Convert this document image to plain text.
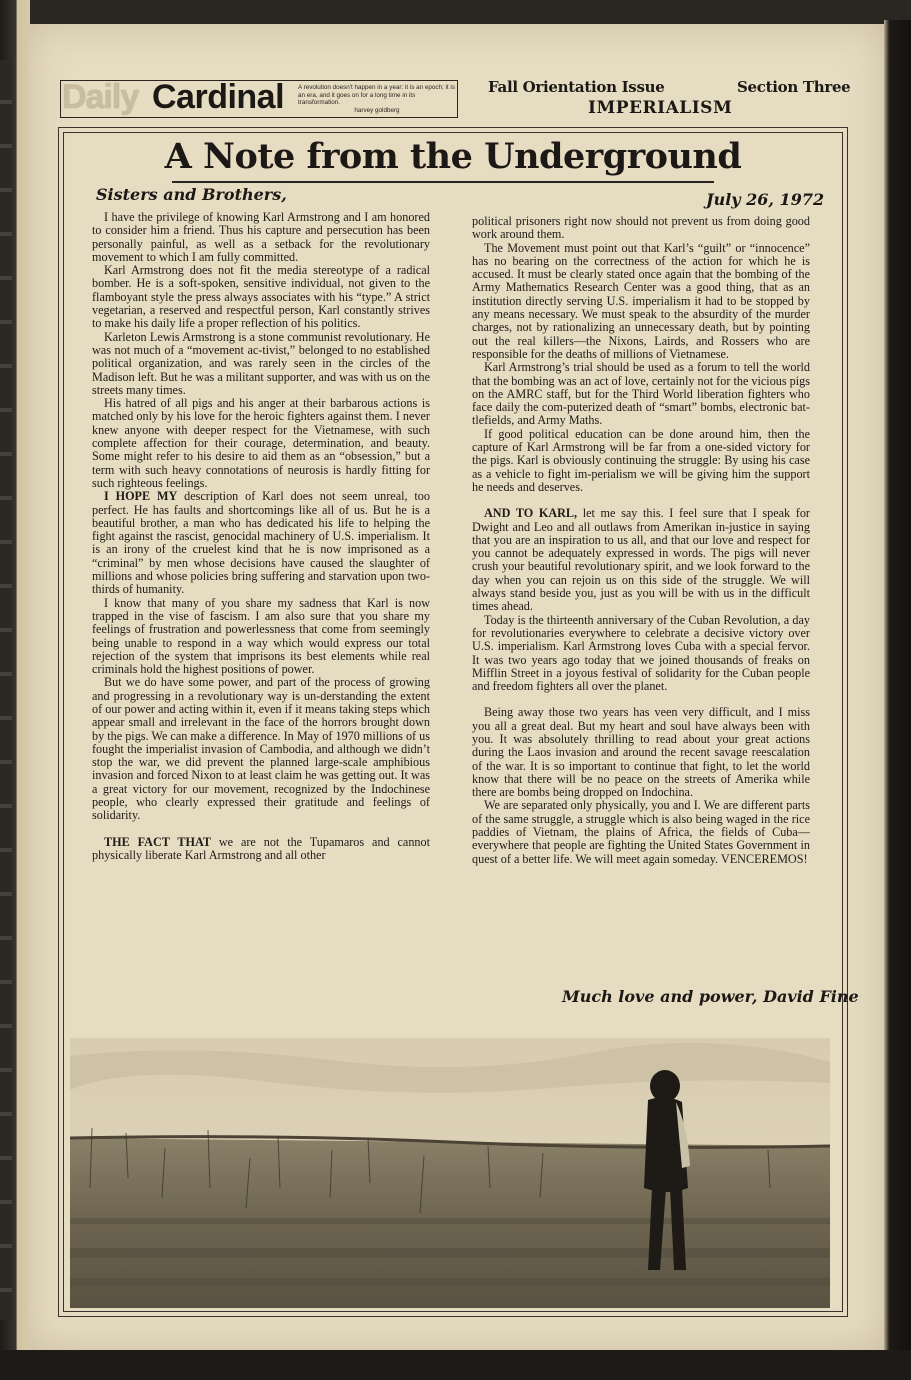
Daily Cardinal A revolution doesn't happen in a year: it is an epoch; it is an era, and it goes on for a long time in its transformation.
harvey goldberg
Fall Orientation Issue	Section Three
IMPERIALISM
A Note from the Underground
Sisters and Brothers,	July 26, 1972

I have the privilege of knowing Karl Armstrong and I am honored to consider him a friend. Thus his capture and persecution has been personally painful, as well as a setback for the revolutionary movement to which I am fully committed.

Karl Armstrong does not fit the media stereotype of a radical bomber. He is a soft-spoken, sensitive individual, not given to the flamboyant style the press always associates with his “type.” A strict vegetarian, a reserved and respectful person, Karl constantly strives to make his daily life a proper reflection of his politics.

Karleton Lewis Armstrong is a stone communist revolutionary. He was not much of a “movement ac-tivist,” belonged to no established political organization, and was rarely seen in the circles of the Madison left. But he was a militant supporter, and was with us on the streets many times.

His hatred of all pigs and his anger at their barbarous actions is matched only by his love for the heroic fighters against them. I never knew anyone with deeper respect for the Vietnamese, with such complete affection for their courage, determination, and beauty. Some might refer to his desire to aid them as an “obsession,” but a term with such heavy connotations of neurosis is hardly fitting for such righteous feelings.

I HOPE MY description of Karl does not seem unreal, too perfect. He has faults and shortcomings like all of us. But he is a beautiful brother, a man who has dedicated his life to helping the fight against the rascist, genocidal machinery of U.S. imperialism. It is an irony of the cruelest kind that he is now imprisoned as a “criminal” by men whose decisions have caused the slaughter of millions and whose policies bring suffering and starvation upon two-thirds of humanity.

I know that many of you share my sadness that Karl is now trapped in the vise of fascism. I am also sure that you share my feelings of frustration and powerlessness that come from seemingly being unable to respond in a way which would express our total rejection of the system that imprisons its best elements while real criminals hold the highest positions of power.

But we do have some power, and part of the process of growing and progressing in a revolutionary way is un-derstanding the extent of our power and acting within it, even if it means taking steps which appear small and irrelevant in the face of the horrors brought down by the pigs. We can make a difference. In May of 1970 millions of us fought the imperialist invasion of Cambodia, and although we didn’t stop the war, we did prevent the planned large-scale amphibious invasion and forced Nixon to at least claim he was getting out. It was a great victory for our movement, recognized by the Indochinese people, who clearly expressed their gratitude and feelings of solidarity.

THE FACT THAT we are not the Tupamaros and cannot physically liberate Karl Armstrong and all other

political prisoners right now should not prevent us from doing good work around them.

The Movement must point out that Karl’s “guilt” or “innocence” has no bearing on the correctness of the action for which he is accused. It must be clearly stated once again that the bombing of the Army Mathematics Research Center was a good thing, that as an institution directly serving U.S. imperialism it had to be stopped by any means necessary. We must speak to the absurdity of the murder charges, not by rationalizing an unnecessary death, but by pointing out the real killers—the Nixons, Lairds, and Rossers who are responsible for the deaths of millions of Vietnamese.

Karl Armstrong’s trial should be used as a forum to tell the world that the bombing was an act of love, certainly not for the vicious pigs on the AMRC staff, but for the Third World liberation fighters who face daily the com-puterized death of “smart” bombs, electronic bat-tlefields, and Army Maths.

If good political education can be done around him, then the capture of Karl Armstrong will be far from a one-sided victory for the pigs. Karl is obviously continuing the struggle: By using his case as a vehicle to fight im-perialism we will be giving him the support he needs and deserves.

AND TO KARL, let me say this. I feel sure that I speak for Dwight and Leo and all outlaws from Amerikan in-justice in saying that you are an inspiration to us all, and that our love and respect for you cannot be adequately expressed in words. The pigs will never crush your beautiful revolutionary spirit, and we look forward to the day when you can rejoin us on this side of the struggle. We will always stand beside you, just as you will be with us in the difficult times ahead.

Today is the thirteenth anniversary of the Cuban Revolution, a day for revolutionaries everywhere to celebrate a decisive victory over U.S. imperialism. Karl Armstrong loves Cuba with a special fervor. It was two years ago today that we joined thousands of freaks on Mifflin Street in a joyous festival of solidarity for the Cuban people and freedom fighters all over the planet.

Being away those two years has veen very difficult, and I miss you all a great deal. But my heart and soul have always been with you. It was absolutely thrilling to read about your great actions during the Laos invasion and around the recent savage reescalation of the war. It is so important to continue that fight, to let the world know that there will be no peace on the streets of Amerika while there are bombs being dropped on Indochina.

We are separated only physically, you and I. We are different parts of the same struggle, a struggle which is also being waged in the rice paddies of Vietnam, the plains of Africa, the fields of Cuba—everywhere that people are fighting the United States Government in quest of a better life. We will meet again someday. VENCEREMOS!

Much love and power, David Fine
